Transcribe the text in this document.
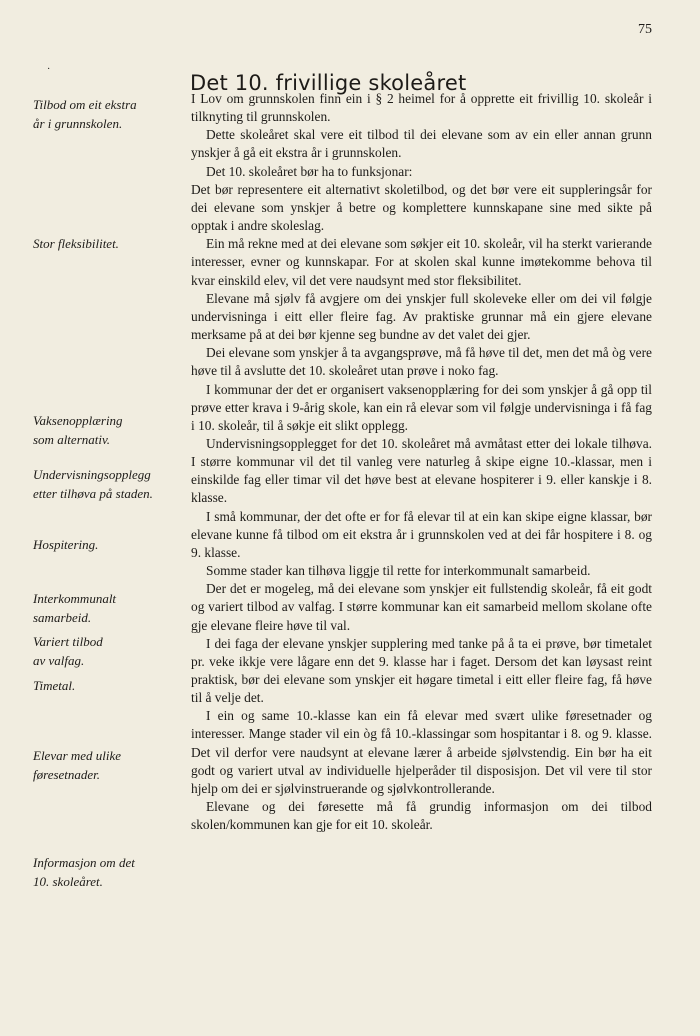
75
·
Det 10. frivillige skoleåret
Tilbod om eit ekstra
år i grunnskolen.
Stor fleksibilitet.
Vaksenopplæring
som alternativ.
Undervisningsopplegg
etter tilhøva på staden.
Hospitering.
Interkommunalt
samarbeid.
Variert tilbod
av valfag.
Timetal.
Elevar med ulike
føresetnader.
Informasjon om det
10. skoleåret.

I Lov om grunnskolen finn ein i § 2 heimel for å opprette eit frivillig 10. skoleår i tilknyting til grunnskolen.

Dette skoleåret skal vere eit tilbod til dei elevane som av ein eller annan grunn ynskjer å gå eit ekstra år i grunnskolen.

Det 10. skoleåret bør ha to funksjonar:

Det bør representere eit alternativt skoletilbod, og det bør vere eit suppleringsår for dei elevane som ynskjer å betre og komplettere kunnskapane sine med sikte på opptak i andre skoleslag.

Ein må rekne med at dei elevane som søkjer eit 10. skoleår, vil ha sterkt varierande interesser, evner og kunnskapar. For at skolen skal kunne imøtekomme behova til kvar einskild elev, vil det vere naudsynt med stor fleksibilitet.

Elevane må sjølv få avgjere om dei ynskjer full skoleveke eller om dei vil følgje undervisninga i eitt eller fleire fag. Av praktiske grunnar må ein gjere elevane merksame på at dei bør kjenne seg bundne av det valet dei gjer.

Dei elevane som ynskjer å ta avgangsprøve, må få høve til det, men det må òg vere høve til å avslutte det 10. skoleåret utan prøve i noko fag.

I kommunar der det er organisert vaksenopplæring for dei som ynskjer å gå opp til prøve etter krava i 9-årig skole, kan ein rå elevar som vil følgje undervisninga i få fag i 10. skoleår, til å søkje eit slikt opplegg.

Undervisningsopplegget for det 10. skoleåret må avmåtast etter dei lokale tilhøva. I større kommunar vil det til vanleg vere naturleg å skipe eigne 10.-klassar, men i einskilde fag eller timar vil det høve best at elevane hospiterer i 9. eller kanskje i 8. klasse.

I små kommunar, der det ofte er for få elevar til at ein kan skipe eigne klassar, bør elevane kunne få tilbod om eit ekstra år i grunnskolen ved at dei får hospitere i 8. og 9. klasse.

Somme stader kan tilhøva liggje til rette for interkommunalt samarbeid.

Der det er mogeleg, må dei elevane som ynskjer eit fullstendig skoleår, få eit godt og variert tilbod av valfag. I større kommunar kan eit samarbeid mellom skolane ofte gje elevane fleire høve til val.

I dei faga der elevane ynskjer supplering med tanke på å ta ei prøve, bør timetalet pr. veke ikkje vere lågare enn det 9. klasse har i faget. Dersom det kan løysast reint praktisk, bør dei elevane som ynskjer eit høgare timetal i eitt eller fleire fag, få høve til å velje det.

I ein og same 10.-klasse kan ein få elevar med svært ulike føresetnader og interesser. Mange stader vil ein òg få 10.-klassingar som hospitantar i 8. og 9. klasse. Det vil derfor vere naudsynt at elevane lærer å arbeide sjølvstendig. Ein bør ha eit godt og variert utval av individuelle hjelperåder til disposisjon. Det vil vere til stor hjelp om dei er sjølvinstruerande og sjølvkontrollerande.

Elevane og dei føresette må få grundig informasjon om dei tilbod skolen/kommunen kan gje for eit 10. skoleår.
